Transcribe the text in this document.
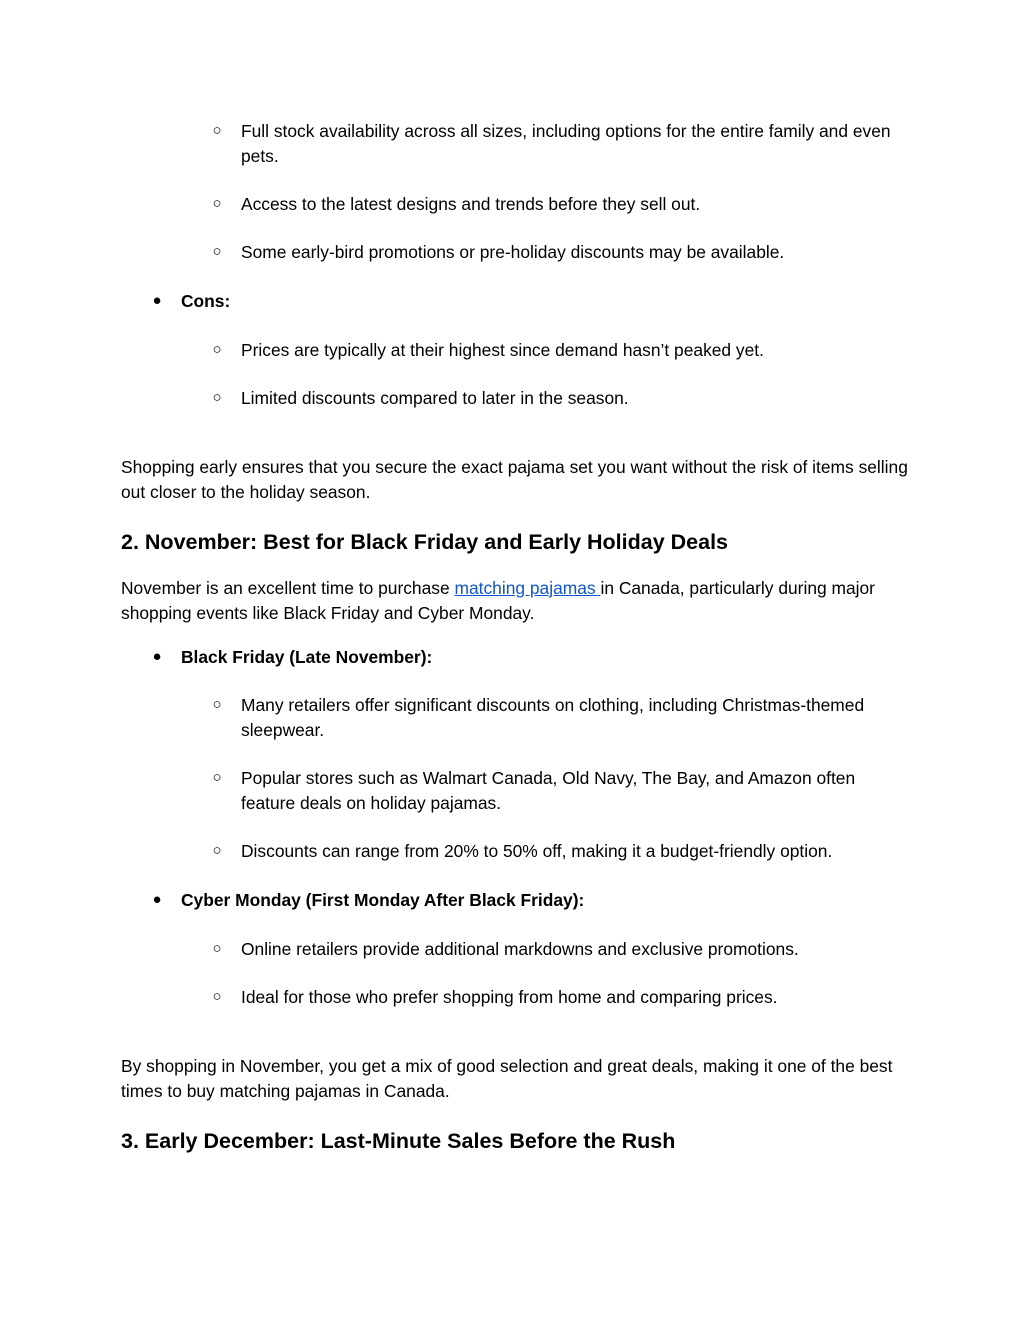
○ Full stock availability across all sizes, including options for the entire family and even pets.

○ Access to the latest designs and trends before they sell out.

○ Some early-bird promotions or pre-holiday discounts may be available.

● Cons:

○ Prices are typically at their highest since demand hasn’t peaked yet.

○ Limited discounts compared to later in the season.

Shopping early ensures that you secure the exact pajama set you want without the risk of items selling out closer to the holiday season.

2. November: Best for Black Friday and Early Holiday Deals

November is an excellent time to purchase matching pajamas in Canada, particularly during major shopping events like Black Friday and Cyber Monday.

● Black Friday (Late November):

○ Many retailers offer significant discounts on clothing, including Christmas-themed sleepwear.

○ Popular stores such as Walmart Canada, Old Navy, The Bay, and Amazon often feature deals on holiday pajamas.

○ Discounts can range from 20% to 50% off, making it a budget-friendly option.

● Cyber Monday (First Monday After Black Friday):

○ Online retailers provide additional markdowns and exclusive promotions.

○ Ideal for those who prefer shopping from home and comparing prices.

By shopping in November, you get a mix of good selection and great deals, making it one of the best times to buy matching pajamas in Canada.

3. Early December: Last-Minute Sales Before the Rush
